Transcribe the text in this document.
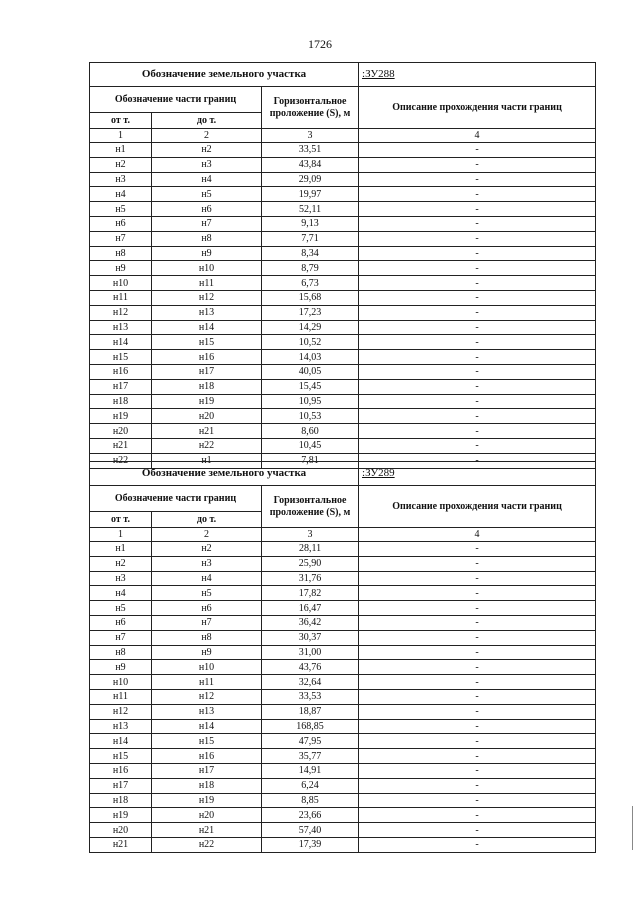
1726
Обозначение земельного участка			:ЗУ288
Обозначение части границ		Горизонтальное проложение (S), м	Описание прохождения части границ
от т.	до т.		
1	2	3	4
н1	н2	33,51	-
н2	н3	43,84	-
н3	н4	29,09	-
н4	н5	19,97	-
н5	н6	52,11	-
н6	н7	9,13	-
н7	н8	7,71	-
н8	н9	8,34	-
н9	н10	8,79	-
н10	н11	6,73	-
н11	н12	15,68	-
н12	н13	17,23	-
н13	н14	14,29	-
н14	н15	10,52	-
н15	н16	14,03	-
н16	н17	40,05	-
н17	н18	15,45	-
н18	н19	10,95	-
н19	н20	10,53	-
н20	н21	8,60	-
н21	н22	10,45	-
н22	н1	7,81	-
Обозначение земельного участка			:ЗУ289
Обозначение части границ		Горизонтальное проложение (S), м	Описание прохождения части границ
от т.	до т.		
1	2	3	4
н1	н2	28,11	-
н2	н3	25,90	-
н3	н4	31,76	-
н4	н5	17,82	-
н5	н6	16,47	-
н6	н7	36,42	-
н7	н8	30,37	-
н8	н9	31,00	-
н9	н10	43,76	-
н10	н11	32,64	-
н11	н12	33,53	-
н12	н13	18,87	-
н13	н14	168,85	-
н14	н15	47,95	-
н15	н16	35,77	-
н16	н17	14,91	-
н17	н18	6,24	-
н18	н19	8,85	-
н19	н20	23,66	-
н20	н21	57,40	-
н21	н22	17,39	-
